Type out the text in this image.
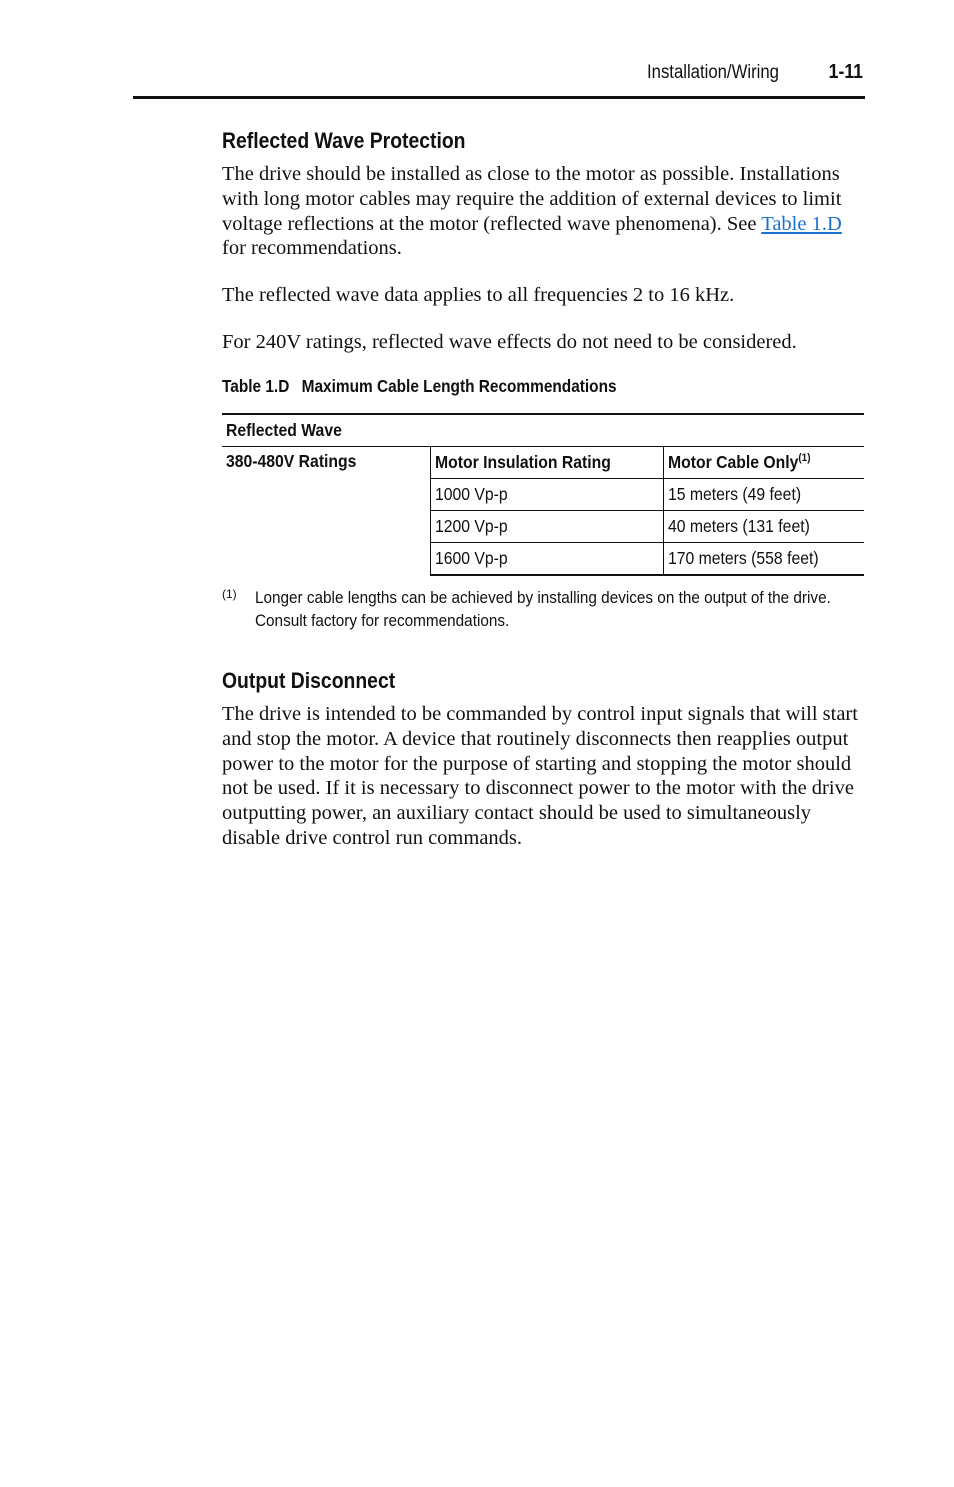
Installation/Wiring 1-11
Reflected Wave Protection

The drive should be installed as close to the motor as possible. Installations with long motor cables may require the addition of external devices to limit voltage reflections at the motor (reflected wave phenomena). See Table 1.D for recommendations.

The reflected wave data applies to all frequencies 2 to 16 kHz.

For 240V ratings, reflected wave effects do not need to be considered.

Table 1.D Maximum Cable Length Recommendations
Reflected Wave		
380-480V Ratings	Motor Insulation Rating	Motor Cable Only$^{(1)}$
	1000 Vp-p	15 meters (49 feet)
	1200 Vp-p	40 meters (131 feet)
	1600 Vp-p	170 meters (558 feet)
(1) Longer cable lengths can be achieved by installing devices on the output of the drive. Consult factory for recommendations.
Output Disconnect

The drive is intended to be commanded by control input signals that will start and stop the motor. A device that routinely disconnects then reapplies output power to the motor for the purpose of starting and stopping the motor should not be used. If it is necessary to disconnect power to the motor with the drive outputting power, an auxiliary contact should be used to simultaneously disable drive control run commands.
